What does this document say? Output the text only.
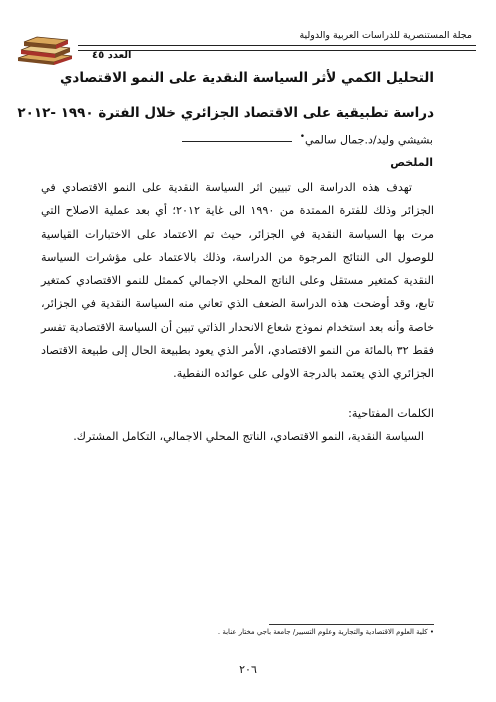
مجلة المستنصرية للدراسات العربية والدولية
العدد ٤٥
التحليل الكمي لأثر السياسة النقدية على النمو الاقتصادي
دراسة تطبيقية على الاقتصاد الجزائري خلال الفترة ١٩٩٠ -٢٠١٢
بشيشي وليد/د.جمال سالمي•
الملخص

تهدف هذه الدراسة الى تبيين اثر السياسة النقدية على النمو الاقتصادي في الجزائر وذلك للفترة الممتدة من ١٩٩٠ الى غاية ٢٠١٢؛ أي بعد عملية الاصلاح التي مرت بها السياسة النقدية في الجزائر، حيث تم الاعتماد على الاختبارات القياسية للوصول الى النتائج المرجوة من الدراسة، وذلك بالاعتماد على مؤشرات السياسة النقدية كمتغير مستقل وعلى الناتج المحلي الاجمالي كممثل للنمو الاقتصادي كمتغير تابع، وقد أوضحت هذه الدراسة الضعف الذي تعاني منه السياسة النقدية في الجزائر، خاصة وأنه بعد استخدام نموذج شعاع الانحدار الذاتي تبين أن السياسة الاقتصادية تفسر فقط ٣٢ بالمائة من النمو الاقتصادي، الأمر الذي يعود بطبيعة الحال إلى طبيعة الاقتصاد الجزائري الذي يعتمد بالدرجة الاولى على عوائده النفطية.

الكلمات المفتاحية:
السياسة النقدية، النمو الاقتصادي، الناتج المحلي الاجمالي، التكامل المشترك.
• كلية العلوم الاقتصادية والتجارية وعلوم التسيير/ جامعة باجي مختار عنابة .
٢٠٦
